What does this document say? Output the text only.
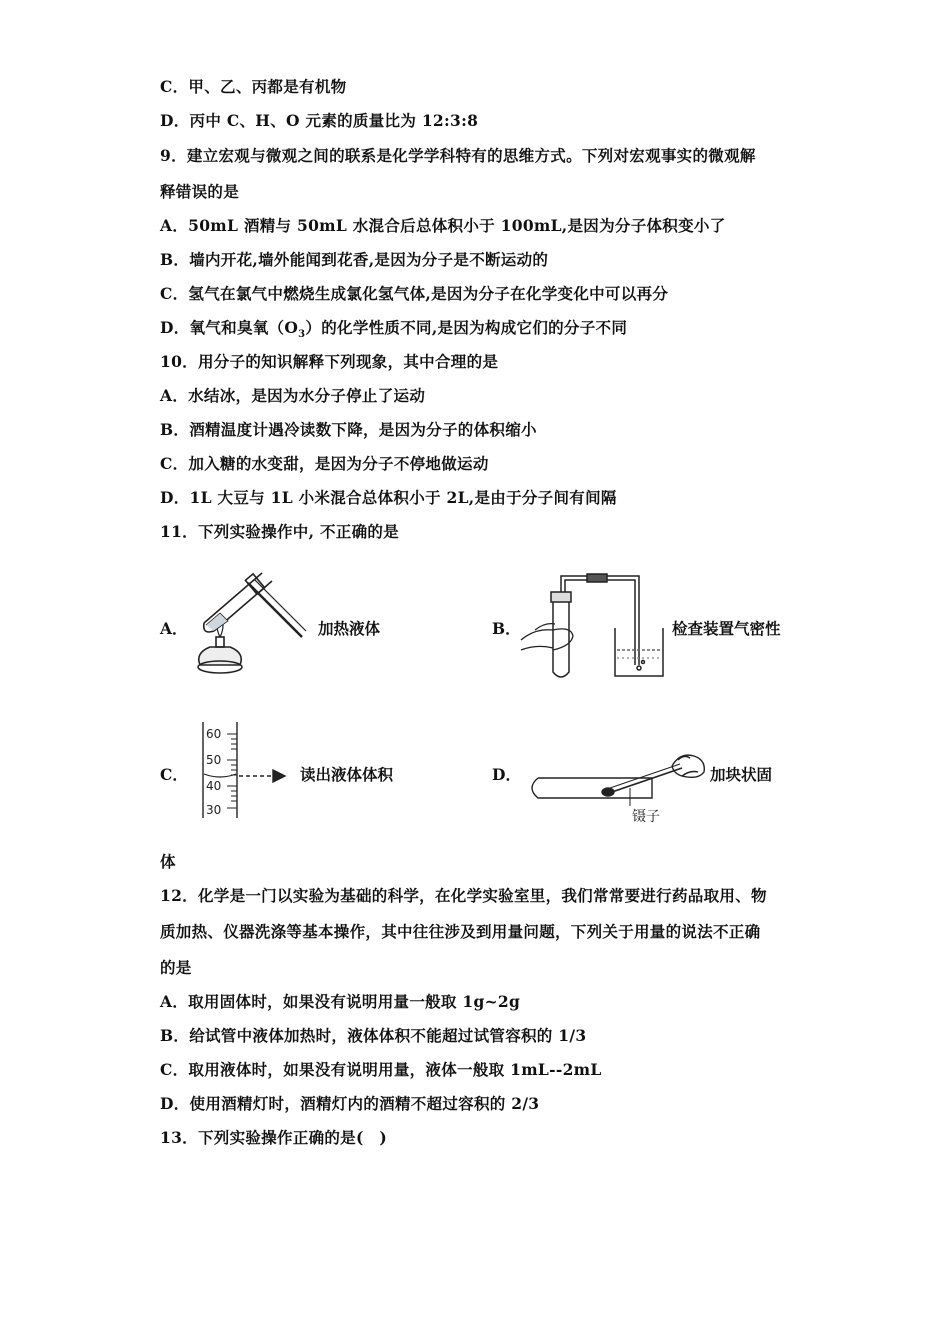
C．甲、乙、丙都是有机物
D．丙中 C、H、O 元素的质量比为 12:3:8
9．建立宏观与微观之间的联系是化学学科特有的思维方式。下列对宏观事实的微观解
释错误的是
A．50mL 酒精与 50mL 水混合后总体积小于 100mL,是因为分子体积变小了
B．墙内开花,墙外能闻到花香,是因为分子是不断运动的
C．氢气在氯气中燃烧生成氯化氢气体,是因为分子在化学变化中可以再分
D．氧气和臭氧$(O_3)$的化学性质不同,是因为构成它们的分子不同
10．用分子的知识解释下列现象，其中合理的是
A．水结冰，是因为水分子停止了运动
B．酒精温度计遇冷读数下降，是因为分子的体积缩小
C．加入糖的水变甜，是因为分子不停地做运动
D．1L 大豆与 1L 小米混合总体积小于 2L,是由于分子间有间隔
11．下列实验操作中, 不正确的是
A．	加热液体	B．	检查装置气密性
C．
60
50
40
30
读出液体体积	D．
镊子
加块状固
体
12．化学是一门以实验为基础的科学，在化学实验室里，我们常常要进行药品取用、物
质加热、仪器洗涤等基本操作，其中往往涉及到用量问题，下列关于用量的说法不正确
的是
A．取用固体时，如果没有说明用量一般取 1g~2g
B．给试管中液体加热时，液体体积不能超过试管容积的 1/3
C．取用液体时，如果没有说明用量，液体一般取 1mL--2mL
D．使用酒精灯时，酒精灯内的酒精不超过容积的 2/3
13．下列实验操作正确的是(　)
